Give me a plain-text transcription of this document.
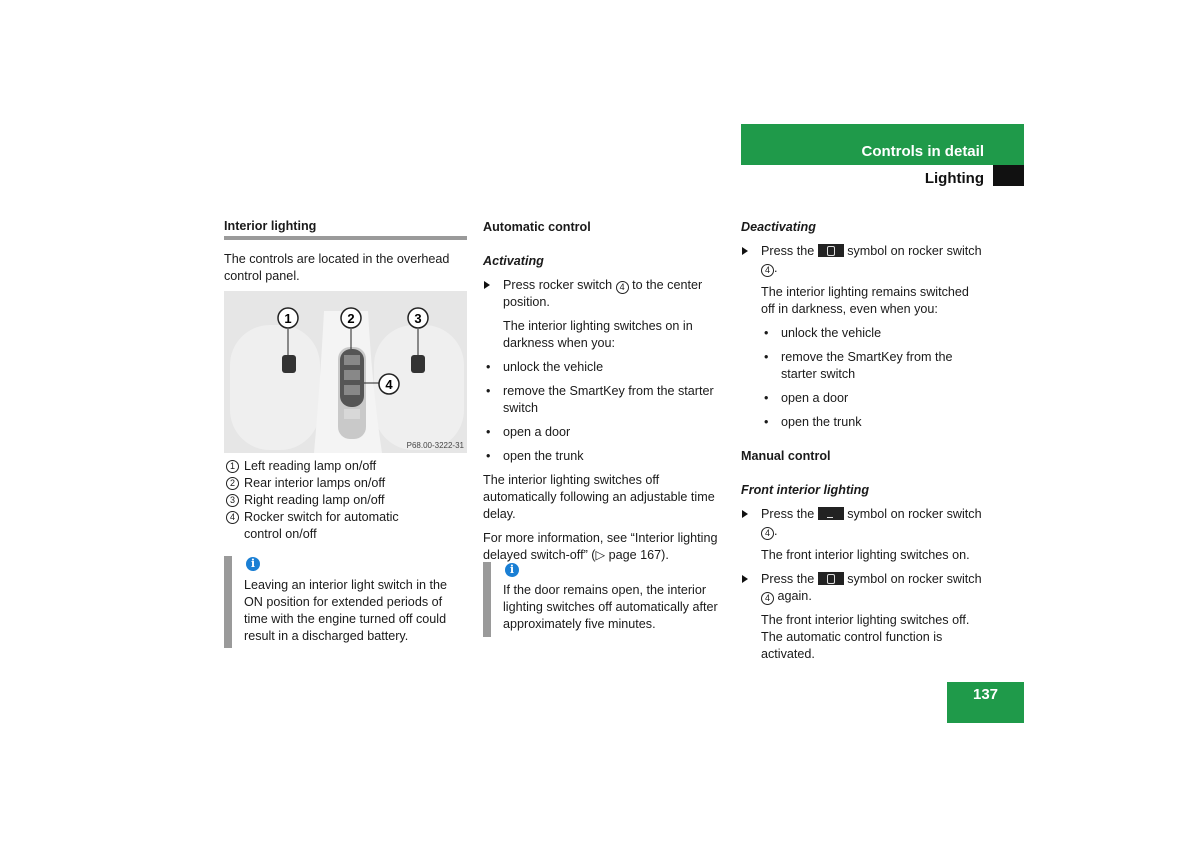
Controls in detail
Lighting
Interior lighting

The controls are located in the overhead control panel.

1	2	3
4
P68.00-3222-31
1 Left reading lamp on/off
2 Rear interior lamps on/off
3 Right reading lamp on/off
4 Rocker switch for automatic control on/off
i

Leaving an interior light switch in the ON position for extended periods of time with the engine turned off could result in a discharged battery.

Automatic control

Activating

Press rocker switch 4 to the center position.

The interior lighting switches on in darkness when you:

• unlock the vehicle
• remove the SmartKey from the starter switch
• open a door
• open the trunk

The interior lighting switches off automatically following an adjustable time delay.

For more information, see “Interior lighting delayed switch-off” (▷ page 167).

i

If the door remains open, the interior lighting switches off automatically after approximately five minutes.

Deactivating

Press the	symbol on rocker switch 4 .

The interior lighting remains switched off in darkness, even when you:

• unlock the vehicle
• remove the SmartKey from the starter switch
• open a door
• open the trunk

Manual control

Front interior lighting

Press the	symbol on rocker switch 4 .

The front interior lighting switches on.

Press the	symbol on rocker switch 4 again.

The front interior lighting switches off. The automatic control function is activated.

137
